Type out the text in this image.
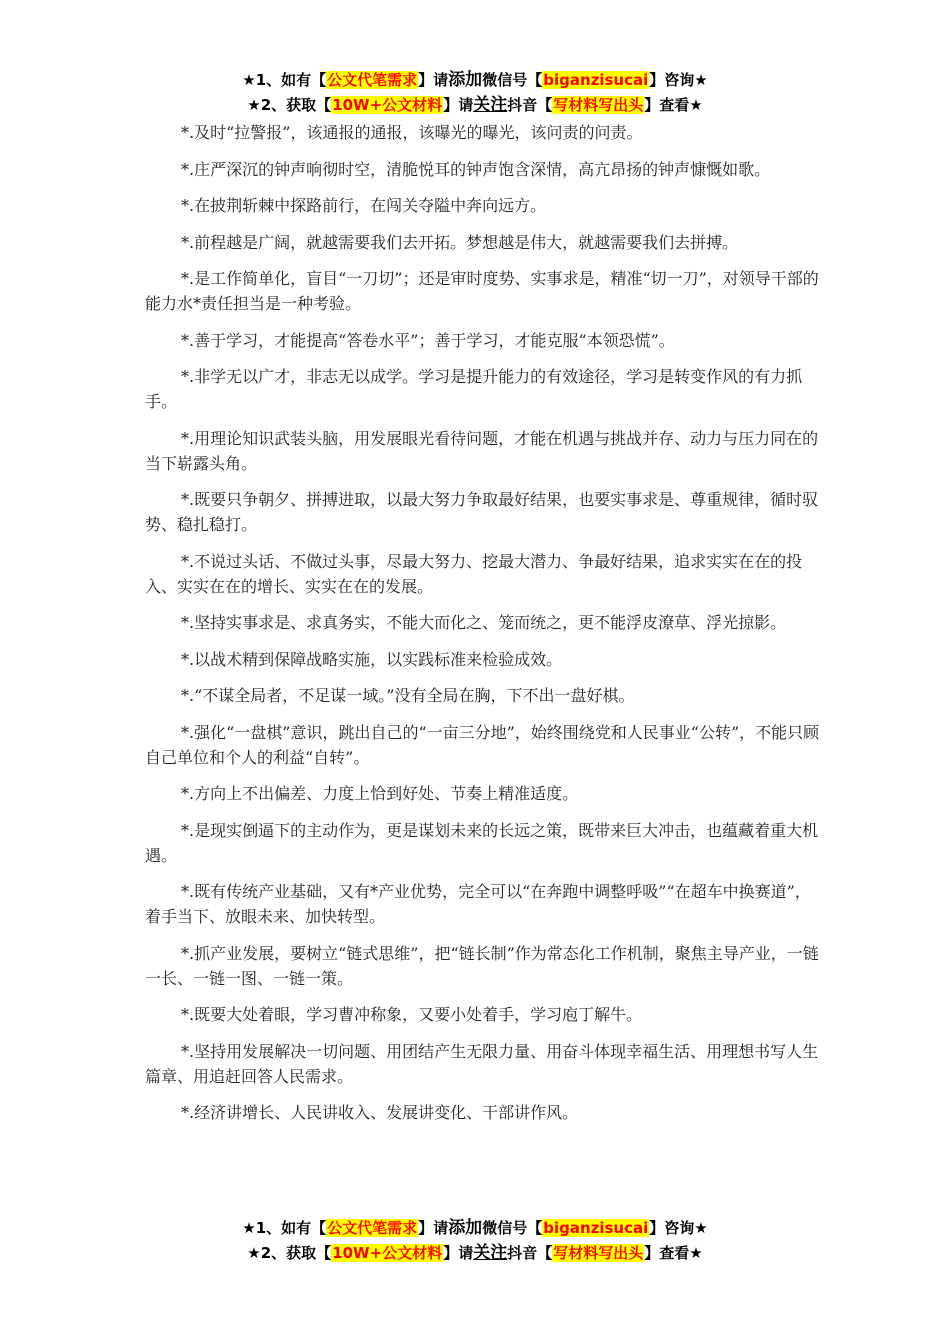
★1、如有【公文代笔需求】请添加微信号【biganzisucai】咨询★
★2、获取【10W+公文材料】请关注抖音【写材料写出头】查看★

*.及时“拉警报”，该通报的通报，该曝光的曝光，该问责的问责。

*.庄严深沉的钟声响彻时空，清脆悦耳的钟声饱含深情，高亢昂扬的钟声慷慨如歌。

*.在披荆斩棘中探路前行，在闯关夺隘中奔向远方。

*.前程越是广阔，就越需要我们去开拓。梦想越是伟大，就越需要我们去拼搏。

*.是工作简单化，盲目“一刀切”；还是审时度势、实事求是，精准“切一刀”，对领导干部的能力水*责任担当是一种考验。

*.善于学习，才能提高“答卷水平”；善于学习，才能克服“本领恐慌”。

*.非学无以广才，非志无以成学。学习是提升能力的有效途径，学习是转变作风的有力抓手。

*.用理论知识武装头脑，用发展眼光看待问题，才能在机遇与挑战并存、动力与压力同在的当下崭露头角。

*.既要只争朝夕、拼搏进取，以最大努力争取最好结果，也要实事求是、尊重规律，循时驭势、稳扎稳打。

*.不说过头话、不做过头事，尽最大努力、挖最大潜力、争最好结果，追求实实在在的投入、实实在在的增长、实实在在的发展。

*.坚持实事求是、求真务实，不能大而化之、笼而统之，更不能浮皮潦草、浮光掠影。

*.以战术精到保障战略实施，以实践标准来检验成效。

*.“不谋全局者，不足谋一域。”没有全局在胸，下不出一盘好棋。

*.强化“一盘棋”意识，跳出自己的“一亩三分地”，始终围绕党和人民事业“公转”，不能只顾自己单位和个人的利益“自转”。

*.方向上不出偏差、力度上恰到好处、节奏上精准适度。

*.是现实倒逼下的主动作为，更是谋划未来的长远之策，既带来巨大冲击，也蕴藏着重大机遇。

*.既有传统产业基础，又有*产业优势，完全可以“在奔跑中调整呼吸”“在超车中换赛道”，着手当下、放眼未来、加快转型。

*.抓产业发展，要树立“链式思维”，把“链长制”作为常态化工作机制，聚焦主导产业，一链一长、一链一图、一链一策。

*.既要大处着眼，学习曹冲称象，又要小处着手，学习庖丁解牛。

*.坚持用发展解决一切问题、用团结产生无限力量、用奋斗体现幸福生活、用理想书写人生篇章、用追赶回答人民需求。

*.经济讲增长、人民讲收入、发展讲变化、干部讲作风。

★1、如有【公文代笔需求】请添加微信号【biganzisucai】咨询★
★2、获取【10W+公文材料】请关注抖音【写材料写出头】查看★
